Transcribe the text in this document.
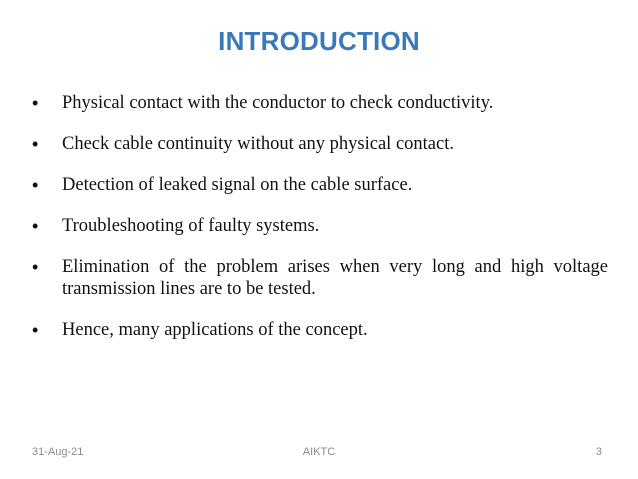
INTRODUCTION
•	Physical contact with the conductor to check conductivity.
•	Check cable continuity without any physical contact.
•	Detection of leaked signal on the cable surface.
•	Troubleshooting of faulty systems.
•	Elimination of the problem arises when very long and high voltage transmission lines are to be tested.
•	Hence, many applications of the concept.
31-Aug-21	AIKTC	3
